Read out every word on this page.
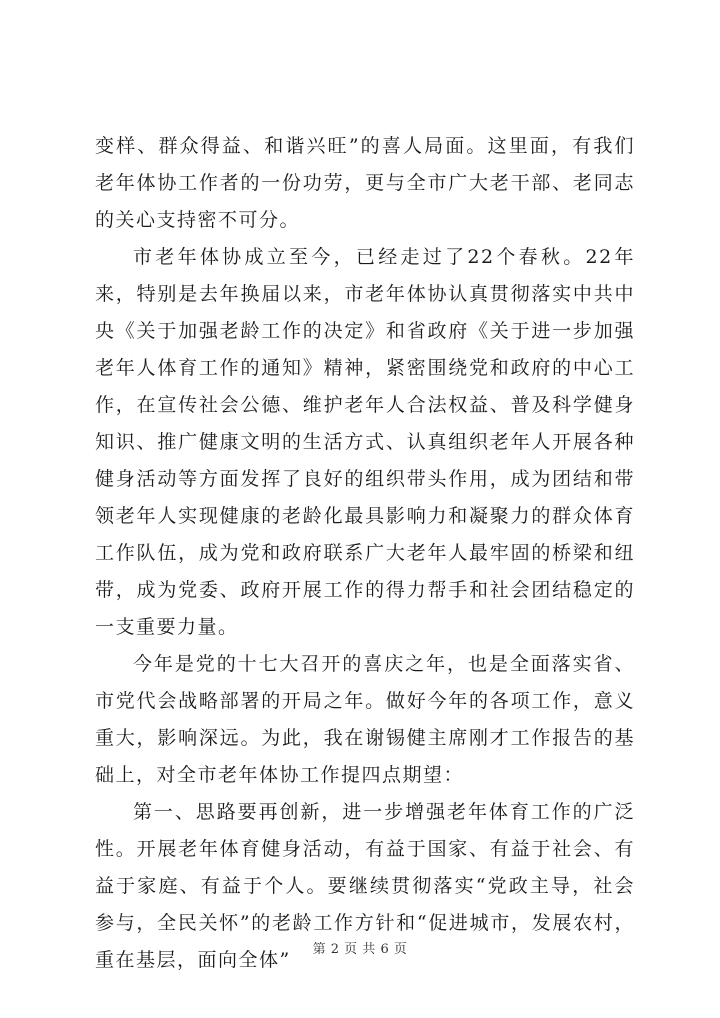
变样、群众得益、和谐兴旺”的喜人局面。这里面，有我们老年体协工作者的一份功劳，更与全市广大老干部、老同志的关心支持密不可分。

市老年体协成立至今，已经走过了22个春秋。22年来，特别是去年换届以来，市老年体协认真贯彻落实中共中央《关于加强老龄工作的决定》和省政府《关于进一步加强老年人体育工作的通知》精神，紧密围绕党和政府的中心工作，在宣传社会公德、维护老年人合法权益、普及科学健身知识、推广健康文明的生活方式、认真组织老年人开展各种健身活动等方面发挥了良好的组织带头作用，成为团结和带领老年人实现健康的老龄化最具影响力和凝聚力的群众体育工作队伍，成为党和政府联系广大老年人最牢固的桥梁和纽带，成为党委、政府开展工作的得力帮手和社会团结稳定的一支重要力量。

今年是党的十七大召开的喜庆之年，也是全面落实省、市党代会战略部署的开局之年。做好今年的各项工作，意义重大，影响深远。为此，我在谢锡健主席刚才工作报告的基础上，对全市老年体协工作提四点期望：

第一、思路要再创新，进一步增强老年体育工作的广泛性。开展老年体育健身活动，有益于国家、有益于社会、有益于家庭、有益于个人。要继续贯彻落实“党政主导，社会参与，全民关怀”的老龄工作方针和“促进城市，发展农村，重在基层，面向全体”	第 2 页 共 6 页
